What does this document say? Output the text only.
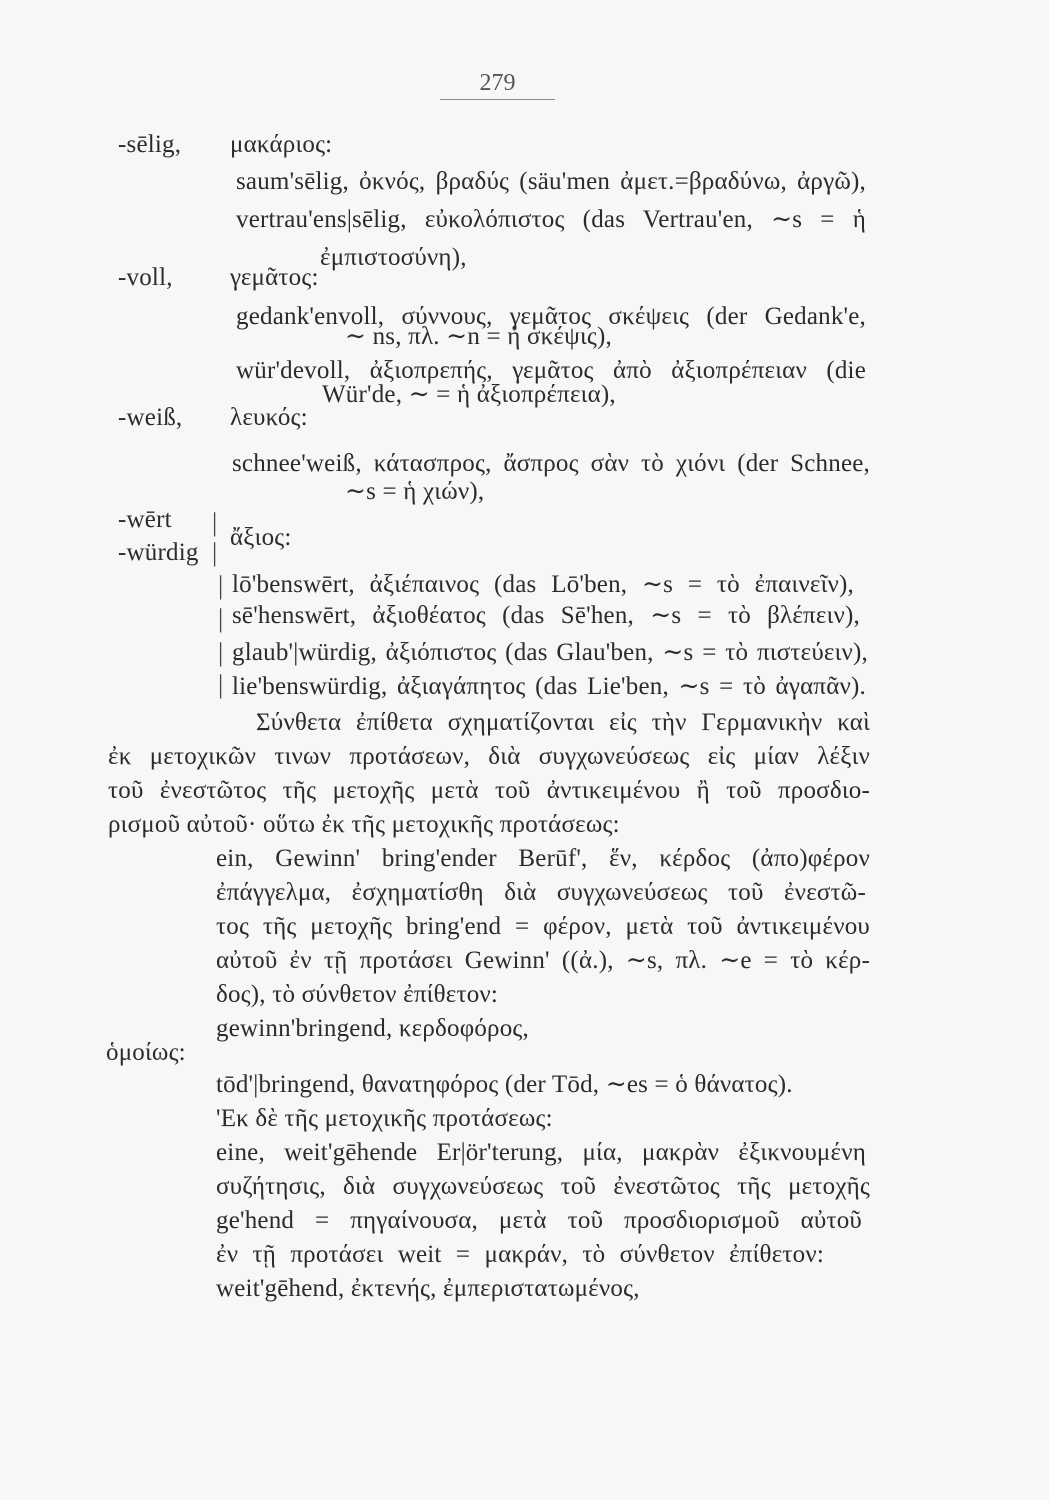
279
-sēlig, μακάριος:
saum'sēlig, ὀκνός, βραδύς (säu'men ἀμετ.=βραδύνω, ἀργῶ),
vertrau'ens|sēlig, εὐκολόπιστος (das Vertrau'en, ∼s = ἡ
ἐμπιστοσύνη),
-voll, γεμᾶτος:
gedank'envoll, σύννους, γεμᾶτος σκέψεις (der Gedank'e,
∼ ns, πλ. ∼n = ἡ σκέψις),
wür'devoll, ἀξιοπρεπής, γεμᾶτος ἀπὸ ἀξιοπρέπειαν (die
Wür'de, ∼ = ἡ ἀξιοπρέπεια),
-weiß, λευκός:
schnee'weiß, κάτασπρος, ἄσπρος σὰν τὸ χιόνι (der Schnee,
∼s = ἡ χιών),
-wērt
-würdig
|
|
ἄξιος:
| lō'benswērt, ἀξιέπαινος (das Lō'ben, ∼s = τὸ ἐπαινεῖν),
| sē'henswērt, ἀξιοθέατος (das Sē'hen, ∼s = τὸ βλέπειν),
| glaub'|würdig, ἀξιόπιστος (das Glau'ben, ∼s = τὸ πιστεύειν),
| lie'benswürdig, ἀξιαγάπητος (das Lie'ben, ∼s = τὸ ἀγαπᾶν).
Σύνθετα ἐπίθετα σχηματίζονται εἰς τὴν Γερμανικὴν καὶ
ἐκ μετοχικῶν τινων προτάσεων, διὰ συγχωνεύσεως εἰς μίαν λέξιν
τοῦ ἐνεστῶτος τῆς μετοχῆς μετὰ τοῦ ἀντικειμένου ἢ τοῦ προσδιο-
ρισμοῦ αὐτοῦ· οὕτω ἐκ τῆς μετοχικῆς προτάσεως:
ein, Gewinn' bring'ender Berūf', ἕν, κέρδος (ἀπο)φέρον
ἐπάγγελμα, ἐσχηματίσθη διὰ συγχωνεύσεως τοῦ ἐνεστῶ-
τος τῆς μετοχῆς bring'end = φέρον, μετὰ τοῦ ἀντικειμένου
αὐτοῦ ἐν τῇ προτάσει Gewinn' ((ἀ.), ∼s, πλ. ∼e = τὸ κέρ-
δος), τὸ σύνθετον ἐπίθετον:
gewinn'bringend, κερδοφόρος,
ὁμοίως:
tōd'|bringend, θανατηφόρος (der Tōd, ∼es = ὁ θάνατος).
'Εκ δὲ τῆς μετοχικῆς προτάσεως:
eine, weit'gēhende Er|ör'terung, μία, μακρὰν ἐξικνουμένη
συζήτησις, διὰ συγχωνεύσεως τοῦ ἐνεστῶτος τῆς μετοχῆς
ge'hend = πηγαίνουσα, μετὰ τοῦ προσδιορισμοῦ αὐτοῦ
ἐν τῇ προτάσει weit = μακράν, τὸ σύνθετον ἐπίθετον:
weit'gēhend, ἐκτενής, ἐμπεριστατωμένος,
